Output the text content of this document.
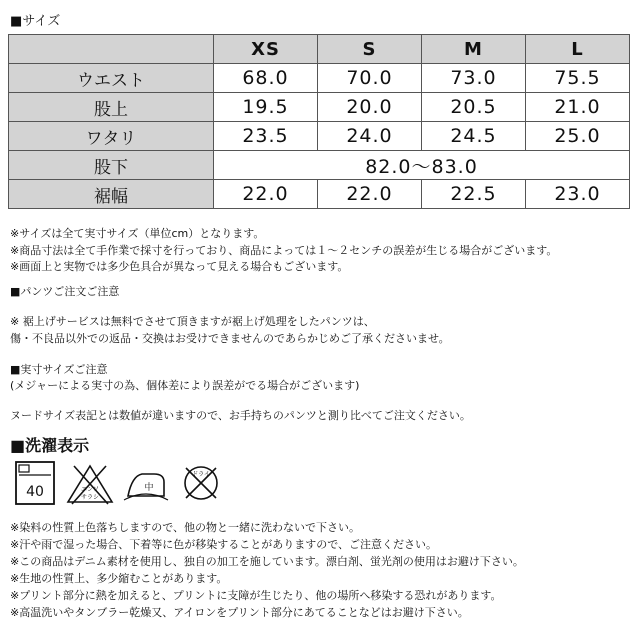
■サイズ
	XS	S	M	L
ウエスト	68.0	70.0	73.0	75.5
股上	19.5	20.0	20.5	21.0
ワタリ	23.5	24.0	24.5	25.0
股下	82.0〜83.0			
裾幅	22.0	22.0	22.5	23.0
※サイズは全て実寸サイズ（単位cm）となります。
※商品寸法は全て手作業で採寸を行っており、商品によっては１〜２センチの誤差が生じる場合がございます。
※画面上と実物では多少色具合が異なって見える場合もございます。
■パンツご注文ご注意
※ 裾上げサービスは無料でさせて頂きますが裾上げ処理をしたパンツは、
傷・不良品以外での返品・交換はお受けできませんのであらかじめご了承くださいませ。
■実寸サイズご注意
(メジャーによる実寸の為、個体差により誤差がでる場合がございます)
ヌードサイズ表記とは数値が違いますので、お手持ちのパンツと測り比べてご注文ください。
■洗濯表示
40	エンソ
サラシ
中
ドライ
※染料の性質上色落ちしますので、他の物と一緒に洗わないで下さい。
※汗や雨で湿った場合、下着等に色が移染することがありますので、ご注意ください。
※この商品はデニム素材を使用し、独自の加工を施しています。漂白剤、蛍光剤の使用はお避け下さい。
※生地の性質上、多少縮むことがあります。
※プリント部分に熱を加えると、プリントに支障が生じたり、他の場所へ移染する恐れがあります。
※高温洗いやタンブラー乾燥又、アイロンをプリント部分にあてることなどはお避け下さい。
